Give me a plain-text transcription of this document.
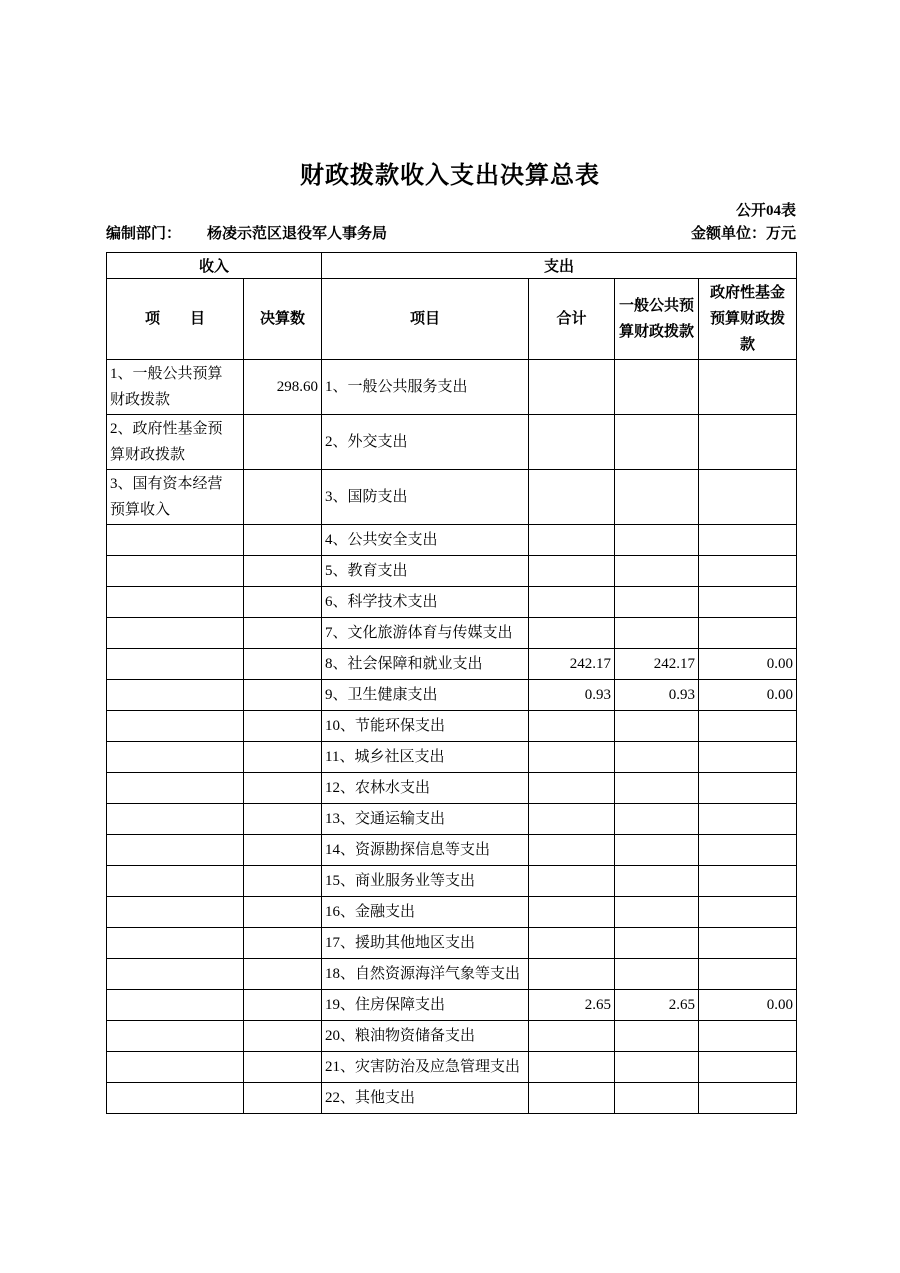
财政拨款收入支出决算总表
公开04表
编制部门： 杨凌示范区退役军人事务局	金额单位：万元
收入		支出			
项　　目	决算数	项目	合计	一般公共预算财政拨款	政府性基金预算财政拨款
1、一般公共预算财政拨款	298.60	1、一般公共服务支出			
2、政府性基金预算财政拨款		2、外交支出			
3、国有资本经营预算收入		3、国防支出			
		4、公共安全支出			
		5、教育支出			
		6、科学技术支出			
		7、文化旅游体育与传媒支出			
		8、社会保障和就业支出	242.17	242.17	0.00
		9、卫生健康支出	0.93	0.93	0.00
		10、节能环保支出			
		11、城乡社区支出			
		12、农林水支出			
		13、交通运输支出			
		14、资源勘探信息等支出			
		15、商业服务业等支出			
		16、金融支出			
		17、援助其他地区支出			
		18、自然资源海洋气象等支出			
		19、住房保障支出	2.65	2.65	0.00
		20、粮油物资储备支出			
		21、灾害防治及应急管理支出			
		22、其他支出			
